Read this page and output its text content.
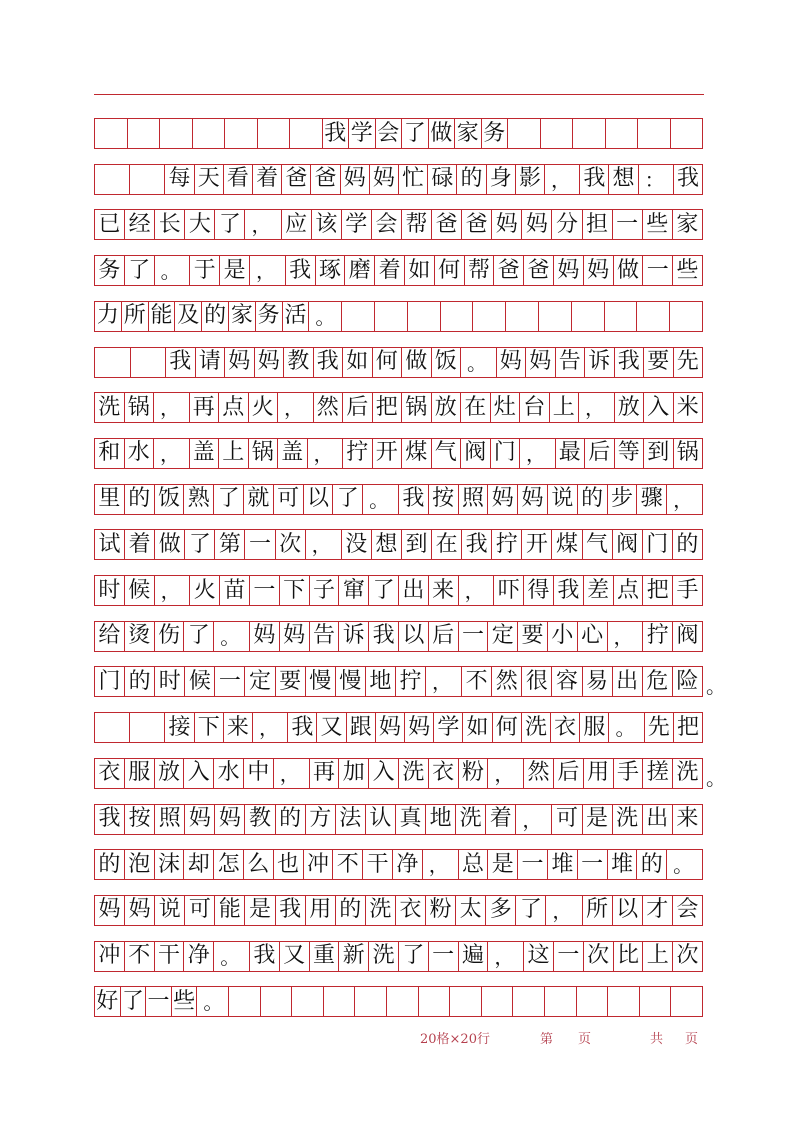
我 学 会 了 做 家 务
每 天 看 着 爸 爸 妈 妈 忙 碌 的 身 影 ， 我 想 ： 我
已 经 长 大 了 ， 应 该 学 会 帮 爸 爸 妈 妈 分 担 一 些 家
务 了 。 于 是 ， 我 琢 磨 着 如 何 帮 爸 爸 妈 妈 做 一 些
力 所 能 及 的 家 务 活 。
我 请 妈 妈 教 我 如 何 做 饭 。 妈 妈 告 诉 我 要 先
洗 锅 ， 再 点 火 ， 然 后 把 锅 放 在 灶 台 上 ， 放 入 米
和 水 ， 盖 上 锅 盖 ， 拧 开 煤 气 阀 门 ， 最 后 等 到 锅
里 的 饭 熟 了 就 可 以 了 。 我 按 照 妈 妈 说 的 步 骤 ，
试 着 做 了 第 一 次 ， 没 想 到 在 我 拧 开 煤 气 阀 门 的
时 候 ， 火 苗 一 下 子 窜 了 出 来 ， 吓 得 我 差 点 把 手
给 烫 伤 了 。 妈 妈 告 诉 我 以 后 一 定 要 小 心 ， 拧 阀
门 的 时 候 一 定 要 慢 慢 地 拧 ， 不 然 很 容 易 出 危 险
接 下 来 ， 我 又 跟 妈 妈 学 如 何 洗 衣 服 。 先 把
衣 服 放 入 水 中 ， 再 加 入 洗 衣 粉 ， 然 后 用 手 搓 洗
我 按 照 妈 妈 教 的 方 法 认 真 地 洗 着 ， 可 是 洗 出 来
的 泡 沫 却 怎 么 也 冲 不 干 净 ， 总 是 一 堆 一 堆 的 。
妈 妈 说 可 能 是 我 用 的 洗 衣 粉 太 多 了 ， 所 以 才 会
冲 不 干 净 。 我 又 重 新 洗 了 一 遍 ， 这 一 次 比 上 次
好 了 一 些 。
。
。
20格×20行	第 页	共 页
